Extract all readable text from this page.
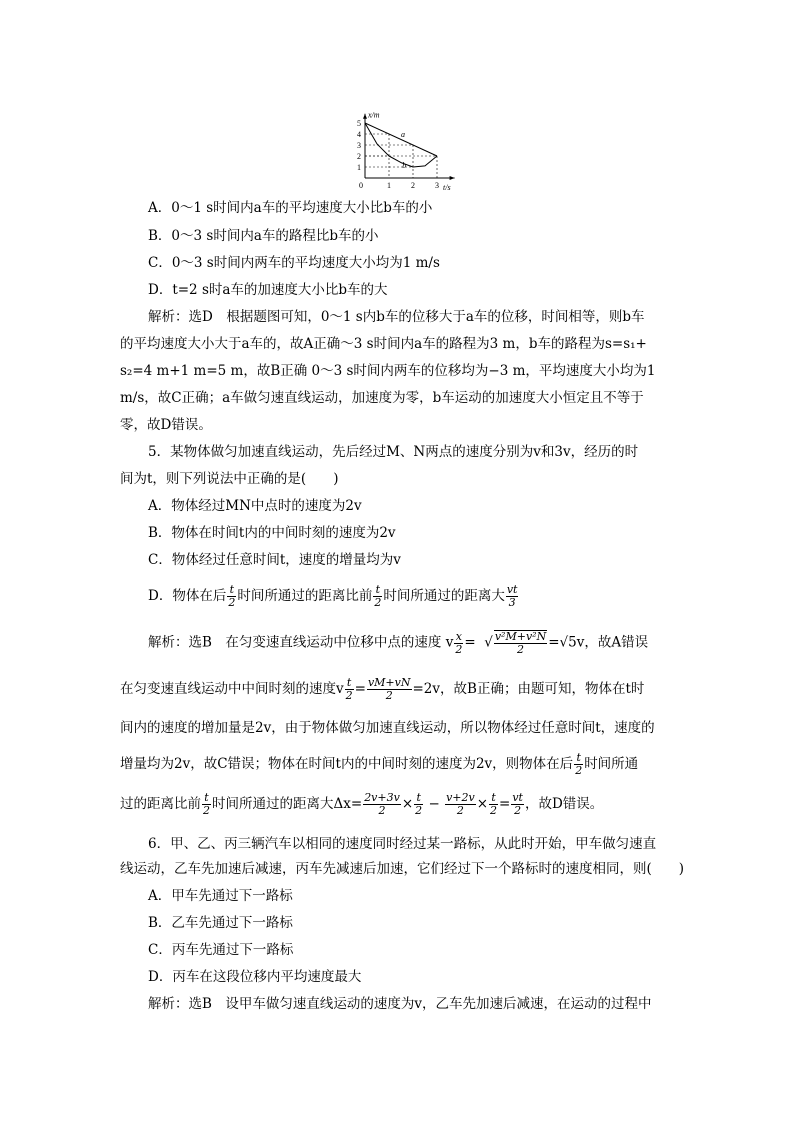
1
2
3
4
5
1	2	3
0
x/m
t/s
a
b
A．0～1 s时间内a车的平均速度大小比b车的小
B．0～3 s时间内a车的路程比b车的小
C．0～3 s时间内两车的平均速度大小均为1 m/s
D．t=2 s时a车的加速度大小比b车的大
解析：选D　根据题图可知，0～1 s内b车的位移大于a车的位移，时间相等，则b车
的平均速度大小大于a车的，故A正确～3 s时间内a车的路程为3 m，b车的路程为s=s₁+
s₂=4 m+1 m=5 m，故B正确 0～3 s时间内两车的位移均为−3 m，平均速度大小均为1
m/s，故C正确；a车做匀速直线运动，加速度为零，b车运动的加速度大小恒定且不等于
零，故D错误。
5．某物体做匀加速直线运动，先后经过M、N两点的速度分别为v和3v，经历的时
间为t，则下列说法中正确的是(　　)
A．物体经过MN中点时的速度为2v
B．物体在时间t内的中间时刻的速度为2v
C．物体经过任意时间t，速度的增量均为v
D．物体在后 $\frac{t}{2}$ 时间所通过的距离比前 $\frac{t}{2}$ 时间所通过的距离大 $\frac{vt}{3}$
解析：选B　在匀变速直线运动中位移中点的速度 v $\frac{x}{2}$ =  √ $\frac{\text{v²M+v²N}}{2} =√5v$，故A错误
在匀变速直线运动中中间时刻的速度v $\frac{t}{2} = \frac{vM+vN}{2} =2v$，故B正确；由题可知，物体在t时
间内的速度的增加量是2v，由于物体做匀加速直线运动，所以物体经过任意时间t，速度的
增量均为2v，故C错误；物体在时间t内的中间时刻的速度为2v，则物体在后 $\frac{t}{2}$ 时间所通
过的距离比前 $\frac{t}{2}$ 时间所通过的距离大$\Delta x= \frac{2v+3v}{2} \times \frac{t}{2} - \frac{v+2v}{2} \times \frac{t}{2} = \frac{vt}{2}$ ，故D错误。
6．甲、乙、丙三辆汽车以相同的速度同时经过某一路标，从此时开始，甲车做匀速直
线运动，乙车先加速后减速，丙车先减速后加速，它们经过下一个路标时的速度相同，则(　　)
A．甲车先通过下一路标
B．乙车先通过下一路标
C．丙车先通过下一路标
D．丙车在这段位移内平均速度最大
解析：选B　设甲车做匀速直线运动的速度为v，乙车先加速后减速，在运动的过程中
